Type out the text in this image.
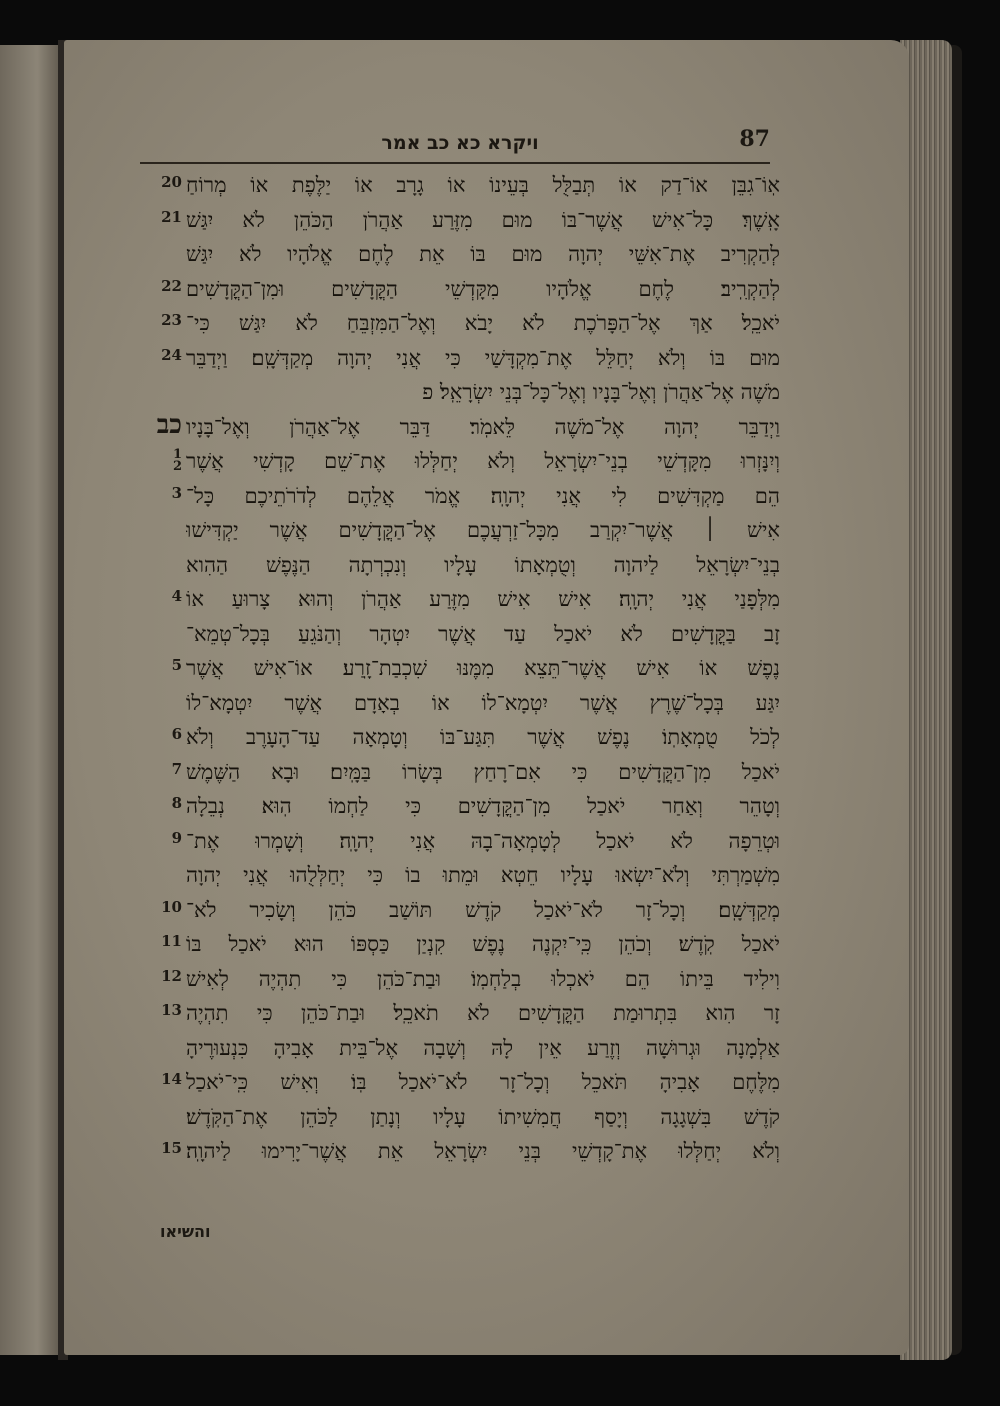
ויקרא כא כב אמר	87
20 אֽוֹ־גִבֵּן אוֹ־דַק אוֹ תְּבַלֻּל בְּעֵינוֹ אוֹ גָרָב אוֹ יַלֶּפֶת אוֹ מְרוֹחַ
21 אָֽשֶׁךְ׃ כָּל־אִישׁ אֲשֶׁר־בּוֹ מוּם מִזֶּרַע אַהֲרֹן הַכֹּהֵן לֹא יִגַּשׁ
לְהַקְרִיב אֶת־אִשֵּׁי יְהוָה מוּם בּוֹ אֵת לֶחֶם אֱלֹהָיו לֹא יִגַּשׁ
22 לְהַקְרִֽיב׃ לֶחֶם אֱלֹהָיו מִקָּדְשֵׁי הַקֳּדָשִׁים וּמִן־הַקֳּדָשִׁים
23 יֹאכֵֽל׃ אַךְ אֶל־הַפָּרֹכֶת לֹא יָבֹא וְאֶל־הַמִּזְבֵּחַ לֹא יִגַּשׁ כִּי־
24 מוּם בּוֹ וְלֹא יְחַלֵּל אֶת־מִקְדָּשַׁי כִּי אֲנִי יְהוָה מְקַדְּשָֽׁם׃ וַיְדַבֵּר
מֹשֶׁה אֶל־אַהֲרֹן וְאֶל־בָּנָיו וְאֶל־כָּל־בְּנֵי יִשְׂרָאֵֽל׃ פ
כב וַיְדַבֵּר יְהוָה אֶל־מֹשֶׁה לֵּאמֹֽר׃ דַּבֵּר אֶל־אַהֲרֹן וְאֶל־בָּנָיו
1
2 וְיִנָּזְרוּ מִקָּדְשֵׁי בְנֵי־יִשְׂרָאֵל וְלֹא יְחַלְּלוּ אֶת־שֵׁם קָדְשִׁי אֲשֶׁר
3 הֵם מַקְדִּשִׁים לִי אֲנִי יְהוָֽה׃ אֱמֹר אֲלֵהֶם לְדֹרֹתֵיכֶם כָּל־
אִישׁ ׀ אֲשֶׁר־יִקְרַב מִכָּל־זַרְעֲכֶם אֶל־הַקֳּדָשִׁים אֲשֶׁר יַקְדִּישׁוּ
בְנֵי־יִשְׂרָאֵל לַיהוָה וְטֻמְאָתוֹ עָלָיו וְנִכְרְתָה הַנֶּפֶשׁ הַהִוא
4 מִלְּפָנַי אֲנִי יְהוָֽה׃ אִישׁ אִישׁ מִזֶּרַע אַהֲרֹן וְהוּא צָרוּעַ אוֹ
זָב בַּקֳּדָשִׁים לֹא יֹאכַל עַד אֲשֶׁר יִטְהָר וְהַנֹּגֵעַ בְּכָל־טְמֵא־
5 נֶפֶשׁ אוֹ אִישׁ אֲשֶׁר־תֵּצֵא מִמֶּנּוּ שִׁכְבַת־זָֽרַע׃ אוֹ־אִישׁ אֲשֶׁר
יִגַּע בְּכָל־שֶׁרֶץ אֲשֶׁר יִטְמָא־לוֹ אוֹ בְאָדָם אֲשֶׁר יִטְמָא־לוֹ
6 לְכֹל טֻמְאָתֽוֹ׃ נֶפֶשׁ אֲשֶׁר תִּגַּע־בּוֹ וְטָמְאָה עַד־הָעָרֶב וְלֹא
7 יֹאכַל מִן־הַקֳּדָשִׁים כִּי אִם־רָחַץ בְּשָׂרוֹ בַּמָּֽיִם׃ וּבָא הַשֶּׁמֶשׁ
8 וְטָהֵר וְאַחַר יֹאכַל מִן־הַקֳּדָשִׁים כִּי לַחְמוֹ הֽוּא׃ נְבֵלָה
9 וּטְרֵפָה לֹא יֹאכַל לְטָמְאָה־בָהּ אֲנִי יְהוָֽה׃ וְשָׁמְרוּ אֶת־
מִשְׁמַרְתִּי וְלֹא־יִשְׂאוּ עָלָיו חֵטְא וּמֵתוּ בוֹ כִּי יְחַלְּלֻהוּ אֲנִי יְהוָה
10 מְקַדְּשָֽׁם׃ וְכָל־זָר לֹא־יֹאכַל קֹדֶשׁ תּוֹשַׁב כֹּהֵן וְשָׂכִיר לֹא־
11 יֹאכַל קֹֽדֶשׁ׃ וְכֹהֵן כִּֽי־יִקְנֶה נֶפֶשׁ קִנְיַן כַּסְפּוֹ הוּא יֹאכַל בּוֹ
12 וִילִיד בֵּיתוֹ הֵם יֹאכְלוּ בְלַחְמֽוֹ׃ וּבַת־כֹּהֵן כִּי תִהְיֶה לְאִישׁ
13 זָר הִוא בִּתְרוּמַת הַקֳּדָשִׁים לֹא תֹאכֵֽל׃ וּבַת־כֹּהֵן כִּי תִהְיֶה
אַלְמָנָה וּגְרוּשָׁה וְזֶרַע אֵין לָהּ וְשָׁבָה אֶל־בֵּית אָבִיהָ כִּנְעוּרֶיהָ
14 מִלֶּחֶם אָבִיהָ תֹּאכֵל וְכָל־זָר לֹא־יֹאכַל בּֽוֹ׃ וְאִישׁ כִּֽי־יֹאכַל
קֹדֶשׁ בִּשְׁגָגָה וְיָסַף חֲמִשִׁיתוֹ עָלָיו וְנָתַן לַכֹּהֵן אֶת־הַקֹּֽדֶשׁ׃
15 וְלֹא יְחַלְּלוּ אֶת־קָדְשֵׁי בְּנֵי יִשְׂרָאֵל אֵת אֲשֶׁר־יָרִימוּ לַיהוָֽה׃
והשיאו
